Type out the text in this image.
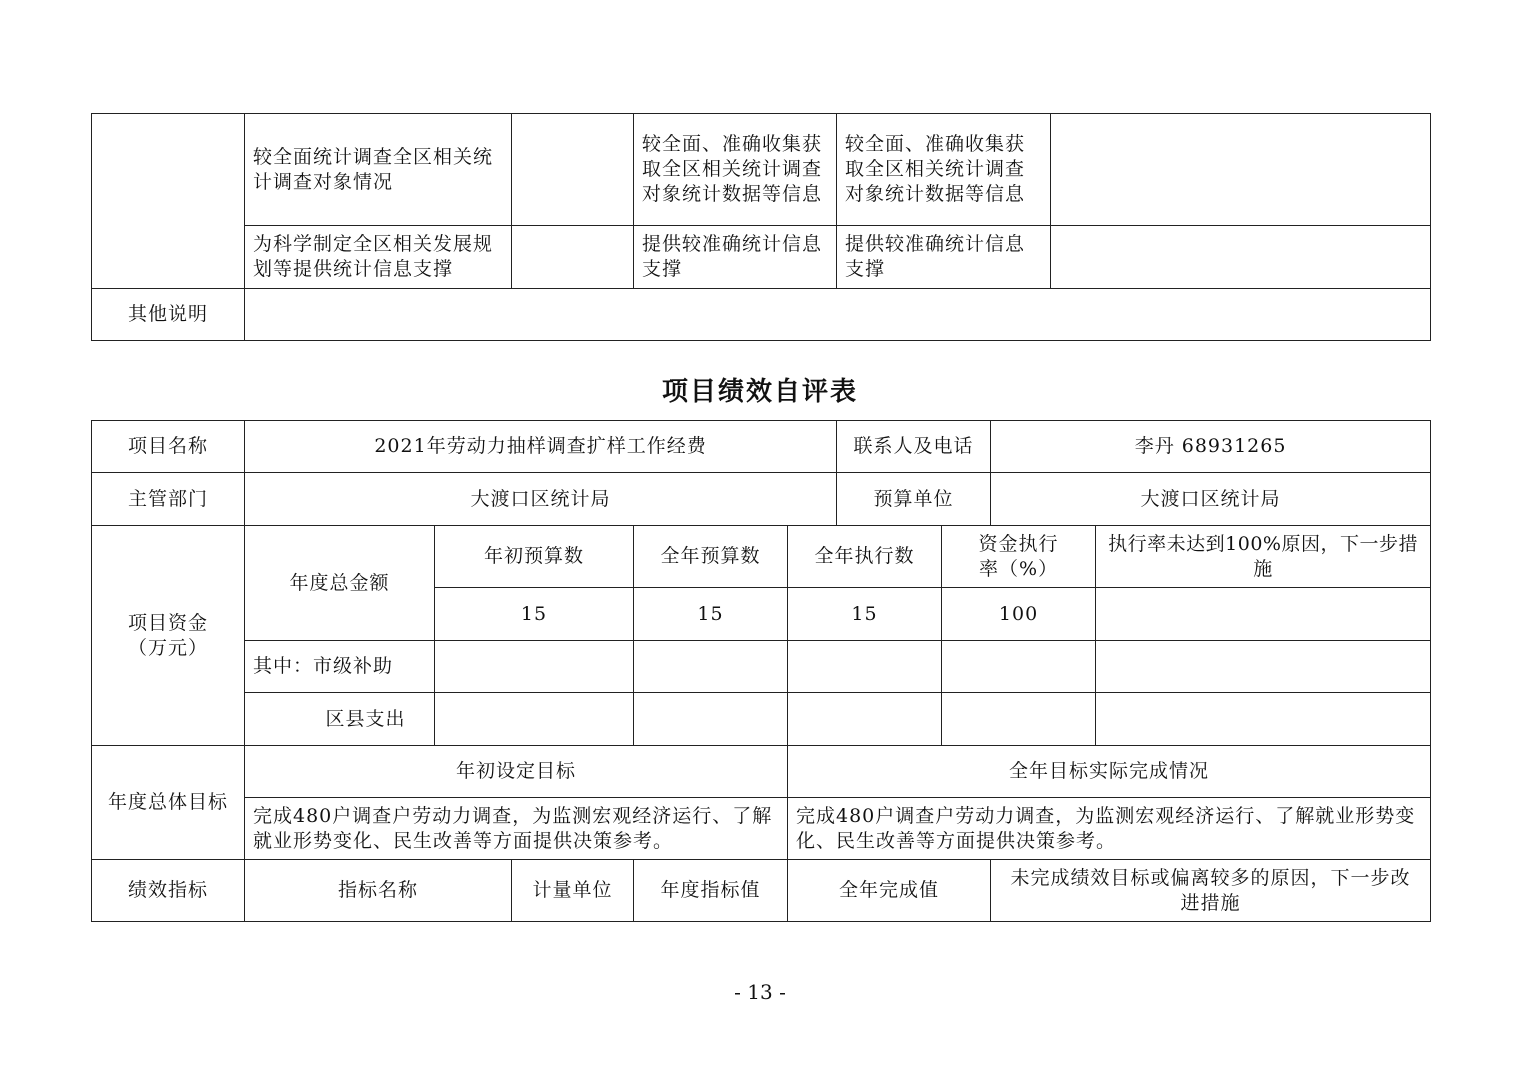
	较全面统计调查全区相关统计调查对象情况		较全面、准确收集获取全区相关统计调查对象统计数据等信息	较全面、准确收集获取全区相关统计调查对象统计数据等信息	
	为科学制定全区相关发展规划等提供统计信息支撑		提供较准确统计信息支撑	提供较准确统计信息支撑	
其他说明					
项目绩效自评表
项目名称	2021年劳动力抽样调查扩样工作经费					联系人及电话		李丹 68931265	
主管部门	大渡口区统计局					预算单位		大渡口区统计局	
项目资金
（万元）	年度总金额	年初预算数		全年预算数	全年执行数		资金执行率（%）		执行率未达到100%原因，下一步措施
		15		15	15		100		
	其中：市级补助								
	区县支出								
年度总体目标	年初设定目标				全年目标实际完成情况				
	完成480户调查户劳动力调查，为监测宏观经济运行、了解就业形势变化、民生改善等方面提供决策参考。				完成480户调查户劳动力调查，为监测宏观经济运行、了解就业形势变化、民生改善等方面提供决策参考。				
绩效指标	指标名称		计量单位	年度指标值	全年完成值			未完成绩效目标或偏离较多的原因，下一步改进措施	
- 13 -
